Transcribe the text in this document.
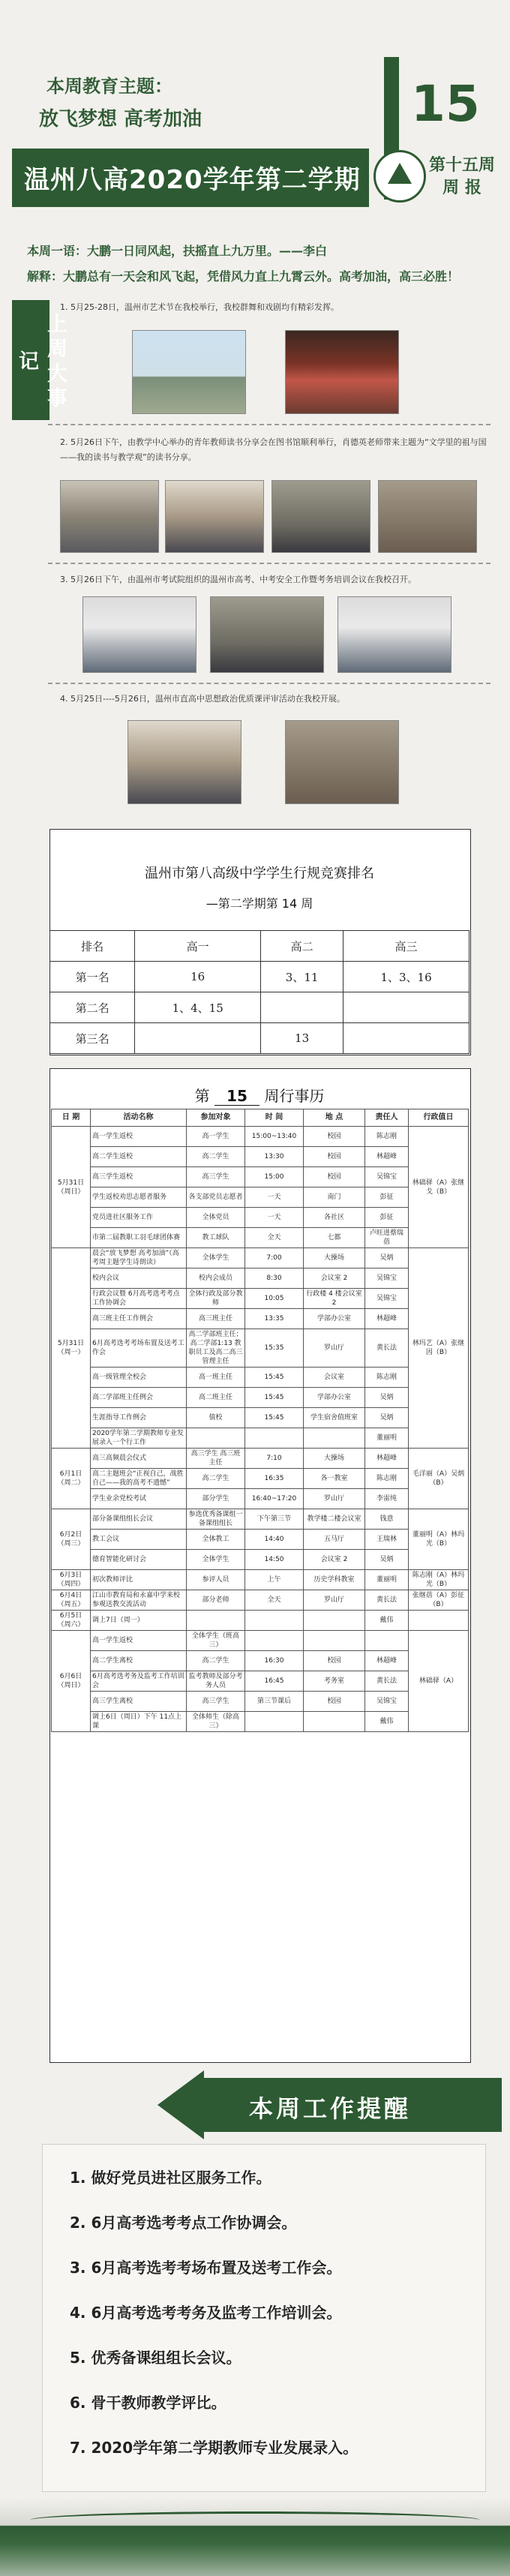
本周教育主题：
放飞梦想 高考加油	15
温州八高2020学年第二学期	第十五周
周 报
本周一语：大鹏一日同风起，扶摇直上九万里。——李白
解释：大鹏总有一天会和风飞起，凭借风力直上九霄云外。高考加油，高三必胜！
上周大事记
1. 5月25-28日，温州市艺术节在我校举行，我校群舞和戏剧均有精彩发挥。
2. 5月26日下午，由教学中心举办的青年教师读书分享会在图书馆顺利举行，肖德英老师带来主题为“文学里的祖与国——我的读书与教学观”的读书分享。
3. 5月26日下午，由温州市考试院组织的温州市高考、中考安全工作暨考务培训会议在我校召开。
4. 5月25日----5月26日，温州市直高中思想政治优质课评审活动在我校开展。
温州市第八高级中学学生行规竞赛排名
—第二学期第 14 周
排名	高一	高二	高三
第一名	16	3、11	1、3、16
第二名	1、4、15		
第三名		13	
第 15 周行事历
日 期	活动名称	参加对象	时 间	地 点	责任人	行政值日
5月31日（周日）	高一学生返校	高一学生	15:00~13:40	校园	陈志刚	林础驿（A）张继戈（B）
	高二学生返校	高二学生	13:30	校园	林超峰	
	高三学生返校	高三学生	15:00	校园	吴锦宝	
	学生返校劝思志愿者服务	各支部党员志愿者	一天	南门	彭征	
	党员进社区服务工作	全体党员	一天	各社区	彭征	
	市第二届教职工羽毛球团体赛	教工球队	全天	七都	卢旺进蔡瑞蓓	
5月31日（周一）	晨会“放飞梦想 高考加油”（高考周主题学生诗朗读）	全体学生	7:00	大操场	吴炳	林玛艺（A）张继因（B）
	校内会议	校内会成员	8:30	会议室 2	吴锦宝	
	行政会议暨 6月高考选考考点工作协调会	全体行政及部分教师	10:05	行政楼 4 楼会议室 2	吴锦宝	
	高三班主任工作例会	高三班主任	13:35	学部办公室	林超峰	
	6月高考选考考场布置及送考工作会	高二学部班主任；高二学部1:13 教职员工及高二高三管理主任	15:35	罗山厅	黄长法	
	高一级管理全校会	高一班主任	15:45	会议室	陈志刚	
	高二学部班主任例会	高二班主任	15:45	学部办公室	吴炳	
	生涯指导工作例会	值校	15:45	学生宿舍值班室	吴炳	
	2020学年第二学期教师专业发展录入一个行工作				董丽明	
6月1日（周二）	高三高频晨会仪式	高三学生 高三班主任	7:10	大操场	林超峰	毛洋丽（A）吴炳（B）
	高二主题班会“正视自己，战胜自己——我的高考不遗憾”	高二学生	16:35	各一教室	陈志刚	
	学生业余党校考试	部分学生	16:40~17:20	罗山厅	李雷纯	
6月2日（周三）	部分备课组组长会议	参选优秀备课组一备课组组长	下午第三节	教学楼二楼会议室	钱意	董丽明（A）林玛光（B）
	教工会议	全体教工	14:40	五马厅	王瑞林	
	德育智能化研讨会	全体学生	14:50	会议室 2	吴炳	
6月3日（周四）	初次教师评比	参评人员	上午	历史学科教室	董丽明	陈志刚（A）林玛光（B）
6月4日（周五）	江山市教育局和永嘉中学来校参观送教交流活动	部分老师	全天	罗山厅	黄长法	张继蓓（A）彭征（B）
6月5日（周六）	调上7日（周一）				戴伟	
6月6日（周日）	高一学生返校	全体学生（班高三）				林础驿（A）
	高二学生离校	高二学生	16:30	校园	林超峰	
	6月高考选考务及监考工作培训会	监考教师及部分考务人员	16:45	考务室	黄长法	
	高三学生离校	高三学生	第三节课后	校园	吴锦宝	
	调上6日（周日）下午 11点上课	全体师生（除高三）			戴伟	
本周工作提醒
1. 做好党员进社区服务工作。
2. 6月高考选考考点工作协调会。
3. 6月高考选考考场布置及送考工作会。
4. 6月高考选考考务及监考工作培训会。
5. 优秀备课组组长会议。
6. 骨干教师教学评比。
7. 2020学年第二学期教师专业发展录入。
